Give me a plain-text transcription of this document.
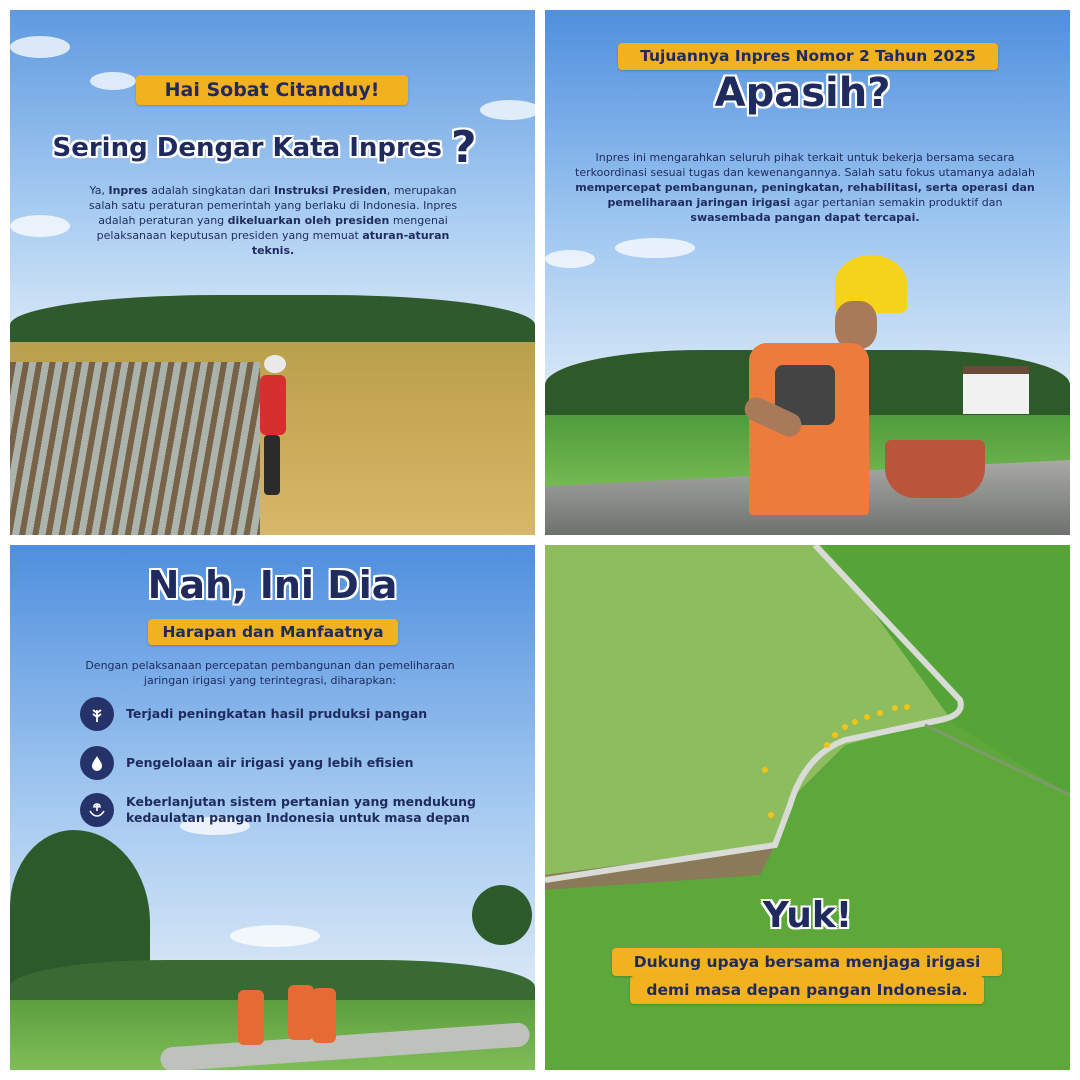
Hai Sobat Citanduy!
Sering Dengar Kata Inpres ?
Ya, Inpres adalah singkatan dari Instruksi Presiden, merupakan salah satu peraturan pemerintah yang berlaku di Indonesia. Inpres adalah peraturan yang dikeluarkan oleh presiden mengenai pelaksanaan keputusan presiden yang memuat aturan-aturan teknis.
Tujuannya Inpres Nomor 2 Tahun 2025
Apasih?
Inpres ini mengarahkan seluruh pihak terkait untuk bekerja bersama secara terkoordinasi sesuai tugas dan kewenangannya. Salah satu fokus utamanya adalah mempercepat pembangunan, peningkatan, rehabilitasi, serta operasi dan pemeliharaan jaringan irigasi agar pertanian semakin produktif dan swasembada pangan dapat tercapai.
Nah, Ini Dia
Harapan dan Manfaatnya
Dengan pelaksanaan percepatan pembangunan dan pemeliharaan jaringan irigasi yang terintegrasi, diharapkan:
Terjadi peningkatan hasil pruduksi pangan
Pengelolaan air irigasi yang lebih efisien
Keberlanjutan sistem pertanian yang mendukung kedaulatan pangan Indonesia untuk masa depan
Yuk!
Dukung upaya bersama menjaga irigasi
demi masa depan pangan Indonesia.
